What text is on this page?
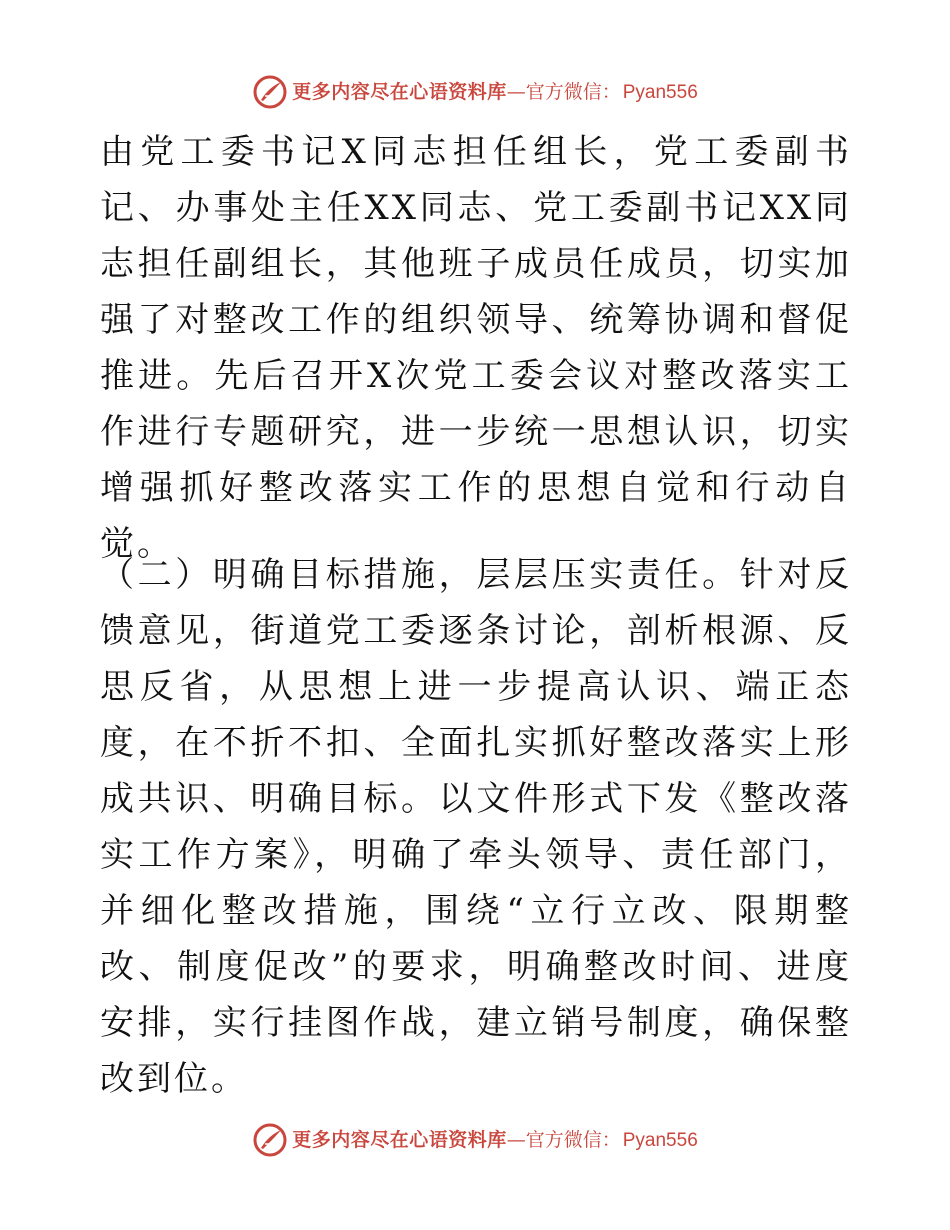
更多内容尽在心语资料库 — 官方微信： Pyan556

由党工委书记X同志担任组长，党工委副书记、办事处主任XX同志、党工委副书记XX同志担任副组长，其他班子成员任成员，切实加强了对整改工作的组织领导、统筹协调和督促推进。先后召开X次党工委会议对整改落实工作进行专题研究，进一步统一思想认识，切实增强抓好整改落实工作的思想自觉和行动自觉。

（二）明确目标措施，层层压实责任。针对反馈意见，街道党工委逐条讨论，剖析根源、反思反省，从思想上进一步提高认识、端正态度，在不折不扣、全面扎实抓好整改落实上形成共识、明确目标。以文件形式下发《整改落实工作方案》，明确了牵头领导、责任部门，并细化整改措施，围绕“立行立改、限期整改、制度促改”的要求，明确整改时间、进度安排，实行挂图作战，建立销号制度，确保整改到位。

更多内容尽在心语资料库 — 官方微信： Pyan556
